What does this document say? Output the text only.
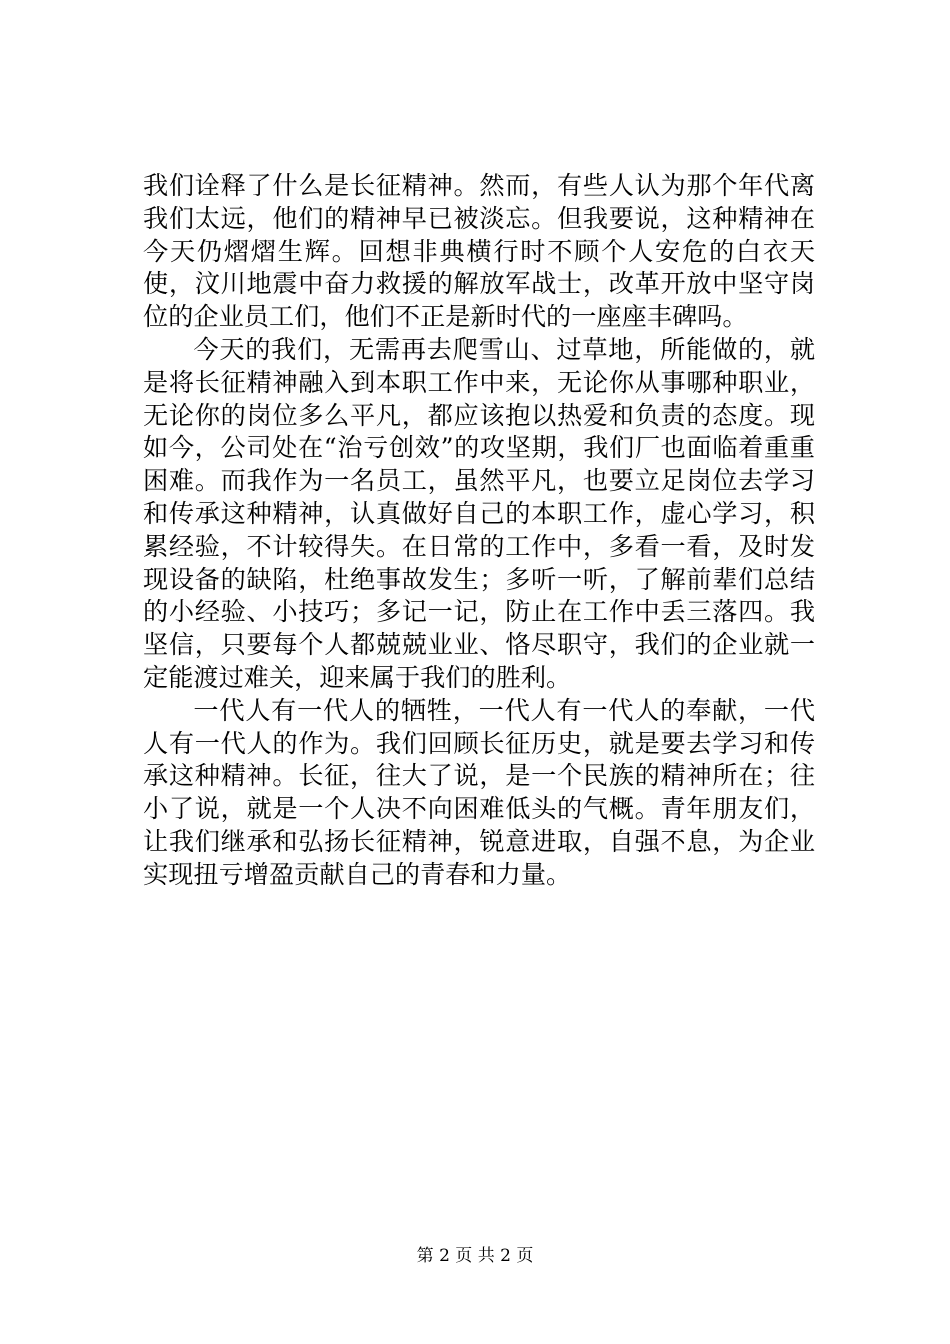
我们诠释了什么是长征精神。然而，有些人认为那个年代离我们太远，他们的精神早已被淡忘。但我要说，这种精神在今天仍熠熠生辉。回想非典横行时不顾个人安危的白衣天使，汶川地震中奋力救援的解放军战士，改革开放中坚守岗位的企业员工们，他们不正是新时代的一座座丰碑吗。

今天的我们，无需再去爬雪山、过草地，所能做的，就是将长征精神融入到本职工作中来，无论你从事哪种职业，无论你的岗位多么平凡，都应该抱以热爱和负责的态度。现如今，公司处在“治亏创效”的攻坚期，我们厂也面临着重重困难。而我作为一名员工，虽然平凡，也要立足岗位去学习和传承这种精神，认真做好自己的本职工作，虚心学习，积累经验，不计较得失。在日常的工作中，多看一看，及时发现设备的缺陷，杜绝事故发生；多听一听，了解前辈们总结的小经验、小技巧；多记一记，防止在工作中丢三落四。我坚信，只要每个人都兢兢业业、恪尽职守，我们的企业就一定能渡过难关，迎来属于我们的胜利。

一代人有一代人的牺牲，一代人有一代人的奉献，一代人有一代人的作为。我们回顾长征历史，就是要去学习和传承这种精神。长征，往大了说，是一个民族的精神所在；往小了说，就是一个人决不向困难低头的气概。青年朋友们，让我们继承和弘扬长征精神，锐意进取，自强不息，为企业实现扭亏增盈贡献自己的青春和力量。

第 2 页 共 2 页
